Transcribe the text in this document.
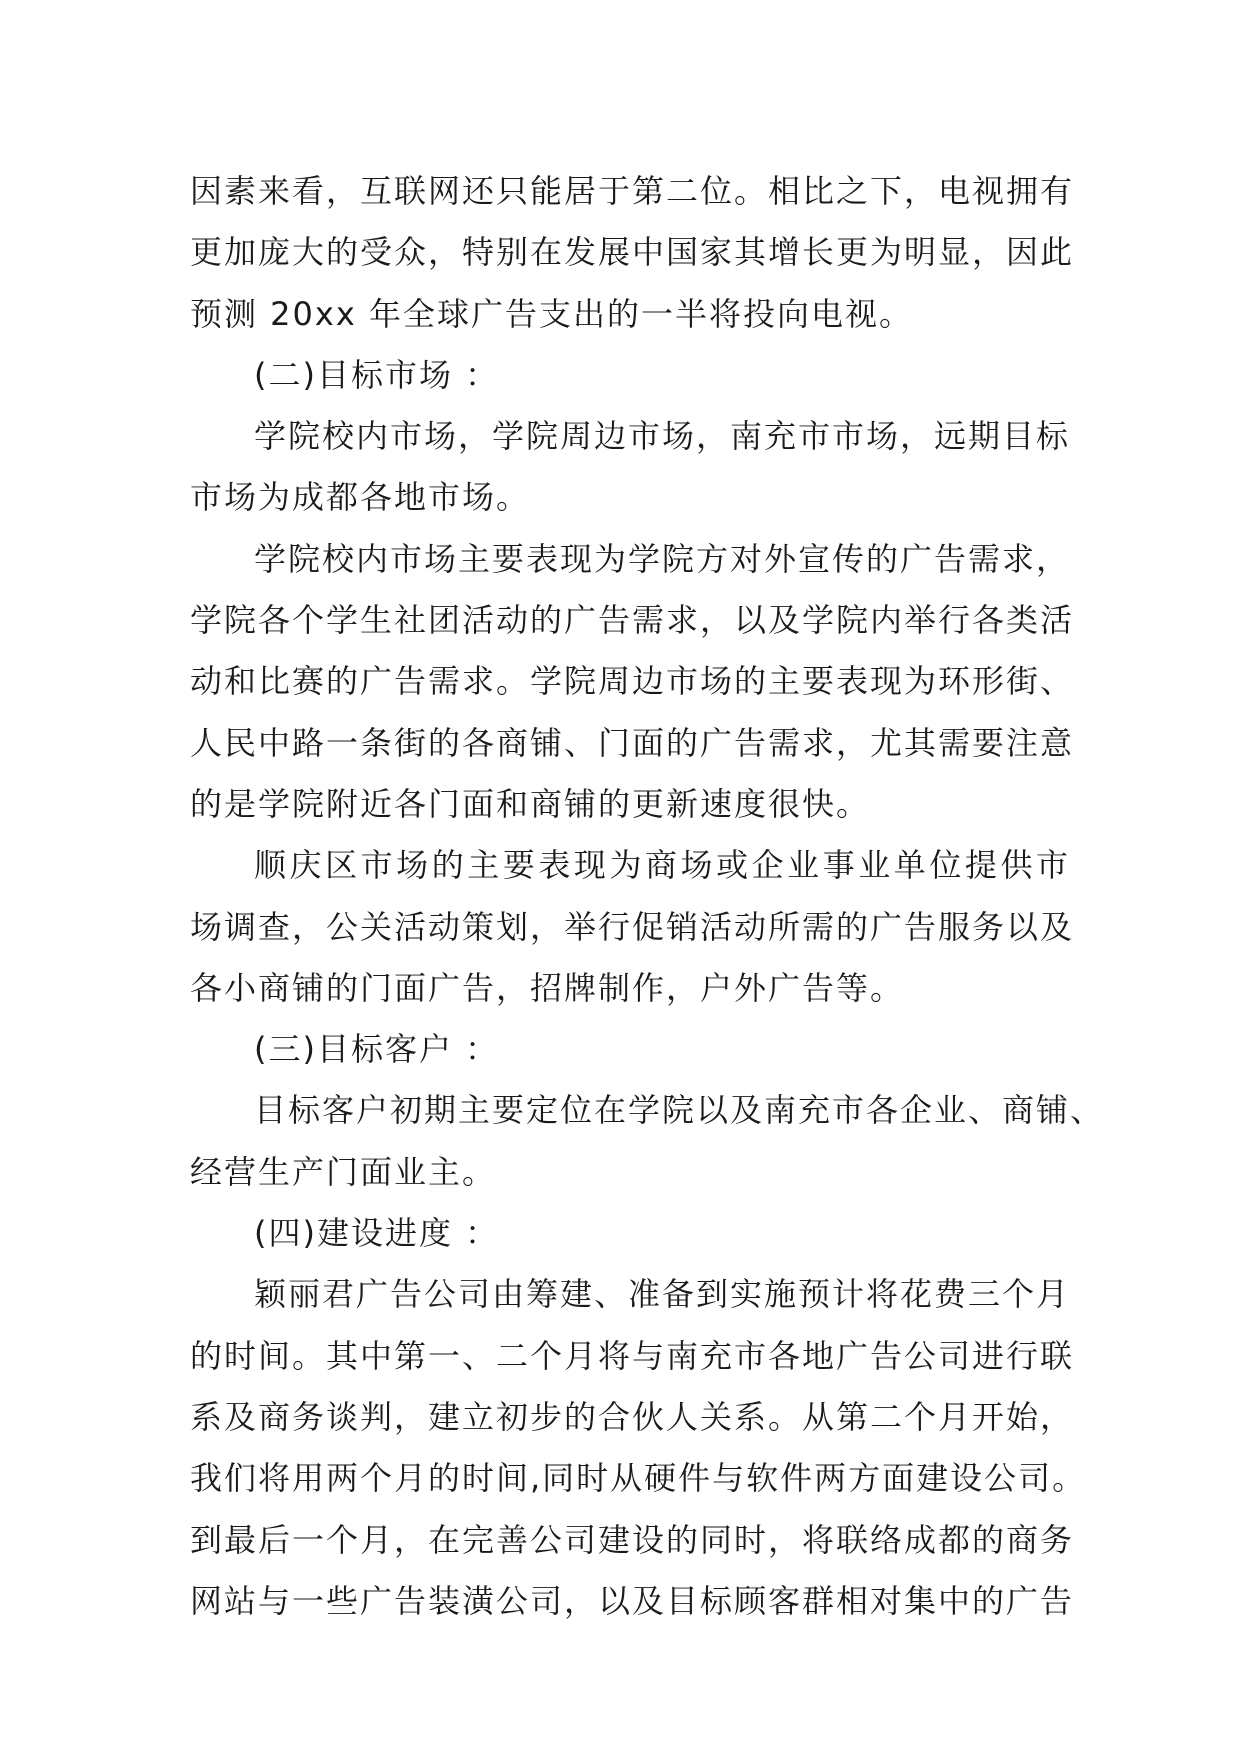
因素来看，互联网还只能居于第二位。相比之下，电视拥有
更加庞大的受众，特别在发展中国家其增长更为明显，因此
预测 20xx 年全球广告支出的一半将投向电视。
(二)目标市场 ：
学院校内市场，学院周边市场，南充市市场，远期目标
市场为成都各地市场。
学院校内市场主要表现为学院方对外宣传的广告需求，
学院各个学生社团活动的广告需求，以及学院内举行各类活
动和比赛的广告需求。学院周边市场的主要表现为环形街、
人民中路一条街的各商铺、门面的广告需求，尤其需要注意
的是学院附近各门面和商铺的更新速度很快。
顺庆区市场的主要表现为商场或企业事业单位提供市
场调查，公关活动策划，举行促销活动所需的广告服务以及
各小商铺的门面广告，招牌制作，户外广告等。
(三)目标客户 ：
目标客户初期主要定位在学院以及南充市各企业、商铺、
经营生产门面业主。
(四)建设进度 ：
颖丽君广告公司由筹建、准备到实施预计将花费三个月
的时间。其中第一、二个月将与南充市各地广告公司进行联
系及商务谈判，建立初步的合伙人关系。从第二个月开始，
我们将用两个月的时间,同时从硬件与软件两方面建设公司。
到最后一个月，在完善公司建设的同时，将联络成都的商务
网站与一些广告装潢公司，以及目标顾客群相对集中的广告
